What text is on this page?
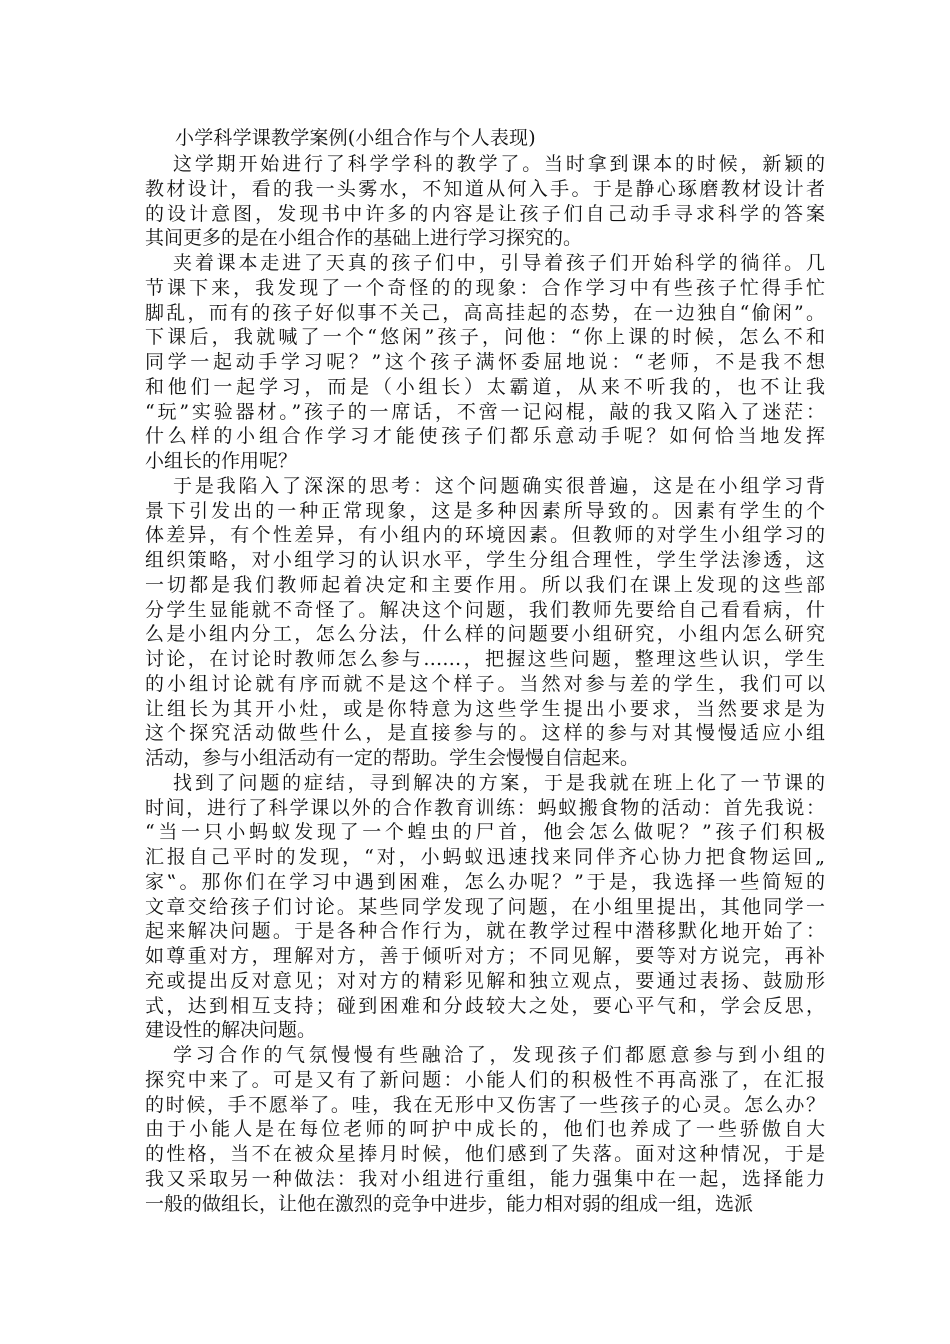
小学科学课教学案例(小组合作与个人表现)
这学期开始进行了科学学科的教学了。当时拿到课本的时候，新颖的
教材设计，看的我一头雾水，不知道从何入手。于是静心琢磨教材设计者
的设计意图，发现书中许多的内容是让孩子们自己动手寻求科学的答案
其间更多的是在小组合作的基础上进行学习探究的。
夹着课本走进了天真的孩子们中，引导着孩子们开始科学的徜徉。几
节课下来，我发现了一个奇怪的的现象：合作学习中有些孩子忙得手忙
脚乱，而有的孩子好似事不关己，高高挂起的态势，在一边独自“偷闲”。
下课后，我就喊了一个“悠闲”孩子，问他：“你上课的时候，怎么不和
同学一起动手学习呢？”这个孩子满怀委屈地说：“老师，不是我不想
和他们一起学习，而是（小组长）太霸道，从来不听我的，也不让我
“玩”实验器材。”孩子的一席话，不啻一记闷棍，敲的我又陷入了迷茫：
什么样的小组合作学习才能使孩子们都乐意动手呢？如何恰当地发挥
小组长的作用呢？
于是我陷入了深深的思考：这个问题确实很普遍，这是在小组学习背
景下引发出的一种正常现象，这是多种因素所导致的。因素有学生的个
体差异，有个性差异，有小组内的环境因素。但教师的对学生小组学习的
组织策略，对小组学习的认识水平，学生分组合理性，学生学法渗透，这
一切都是我们教师起着决定和主要作用。所以我们在课上发现的这些部
分学生显能就不奇怪了。解决这个问题，我们教师先要给自己看看病，什
么是小组内分工，怎么分法，什么样的问题要小组研究，小组内怎么研究
讨论，在讨论时教师怎么参与……，把握这些问题，整理这些认识，学生
的小组讨论就有序而就不是这个样子。当然对参与差的学生，我们可以
让组长为其开小灶，或是你特意为这些学生提出小要求，当然要求是为
这个探究活动做些什么，是直接参与的。这样的参与对其慢慢适应小组
活动，参与小组活动有一定的帮助。学生会慢慢自信起来。
找到了问题的症结，寻到解决的方案，于是我就在班上化了一节课的
时间，进行了科学课以外的合作教育训练：蚂蚁搬食物的活动：首先我说：
“当一只小蚂蚁发现了一个蝗虫的尸首，他会怎么做呢？”孩子们积极
汇报自己平时的发现，“对，小蚂蚁迅速找来同伴齐心协力把食物运回„
家‟。那你们在学习中遇到困难，怎么办呢？”于是，我选择一些简短的
文章交给孩子们讨论。某些同学发现了问题，在小组里提出，其他同学一
起来解决问题。于是各种合作行为，就在教学过程中潜移默化地开始了：
如尊重对方，理解对方，善于倾听对方；不同见解，要等对方说完，再补
充或提出反对意见；对对方的精彩见解和独立观点，要通过表扬、鼓励形
式，达到相互支持；碰到困难和分歧较大之处，要心平气和，学会反思，
建设性的解决问题。
学习合作的气氛慢慢有些融洽了，发现孩子们都愿意参与到小组的
探究中来了。可是又有了新问题：小能人们的积极性不再高涨了，在汇报
的时候，手不愿举了。哇，我在无形中又伤害了一些孩子的心灵。怎么办？
由于小能人是在每位老师的呵护中成长的，他们也养成了一些骄傲自大
的性格，当不在被众星捧月时候，他们感到了失落。面对这种情况，于是
我又采取另一种做法：我对小组进行重组，能力强集中在一起，选择能力
一般的做组长，让他在激烈的竞争中进步，能力相对弱的组成一组，选派
